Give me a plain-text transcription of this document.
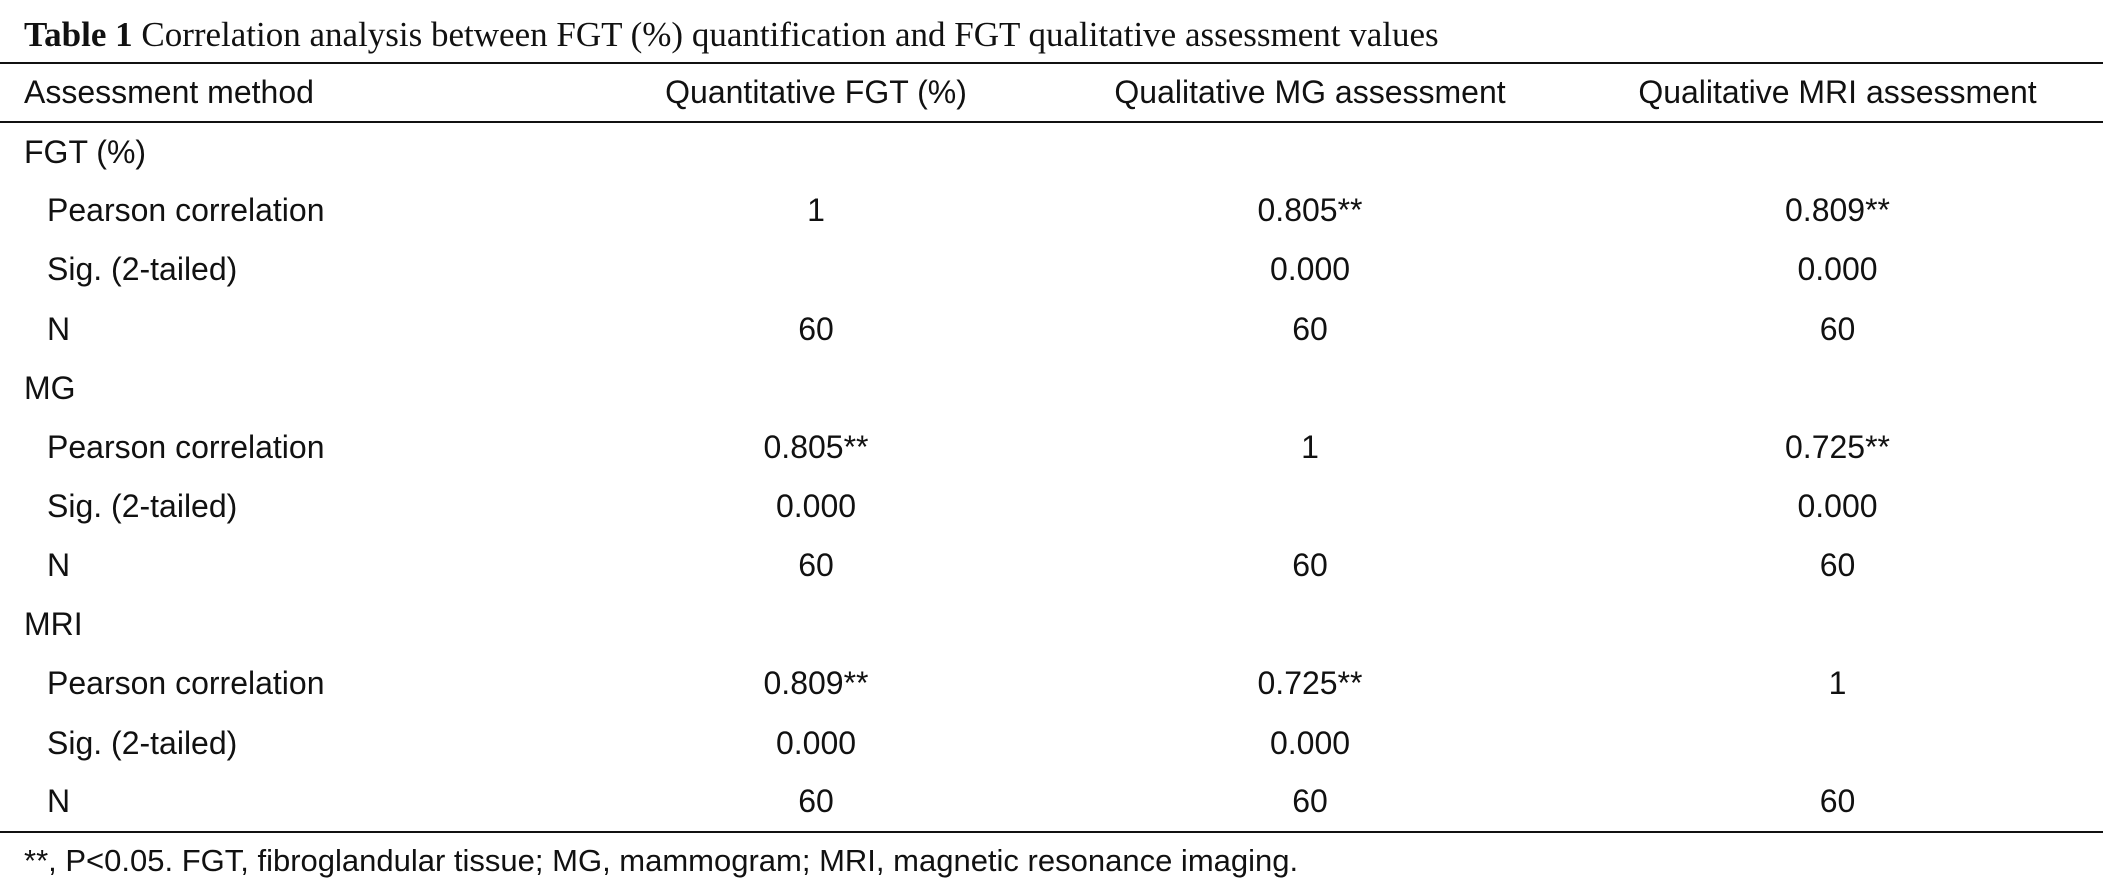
Table 1 Correlation analysis between FGT (%) quantification and FGT qualitative assessment values
Assessment method	Quantitative FGT (%)	Qualitative MG assessment	Qualitative MRI assessment
FGT (%)			
Pearson correlation	1	0.805**	0.809**
Sig. (2-tailed)		0.000	0.000
N	60	60	60
MG			
Pearson correlation	0.805**	1	0.725**
Sig. (2-tailed)	0.000		0.000
N	60	60	60
MRI			
Pearson correlation	0.809**	0.725**	1
Sig. (2-tailed)	0.000	0.000	
N	60	60	60
**, P<0.05. FGT, fibroglandular tissue; MG, mammogram; MRI, magnetic resonance imaging.
